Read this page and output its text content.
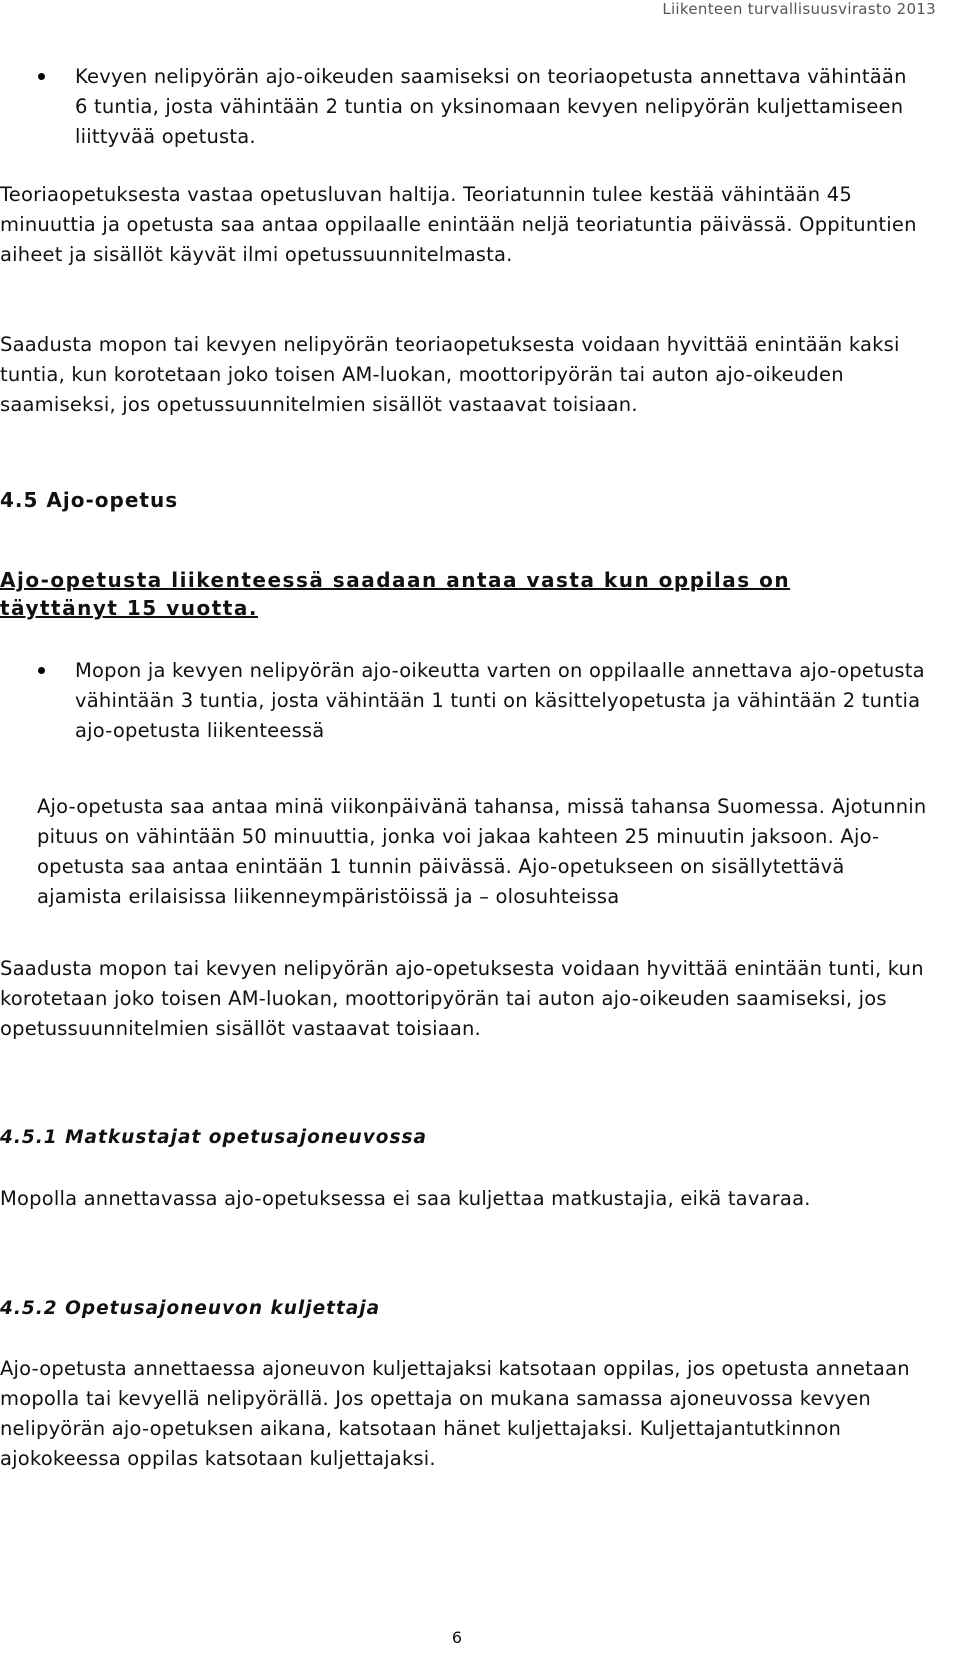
Liikenteen turvallisuusvirasto 2013
Kevyen nelipyörän ajo-oikeuden saamiseksi on teoriaopetusta annettava vähintään 6 tuntia, josta vähintään 2 tuntia on yksinomaan kevyen nelipyörän kuljettamiseen liittyvää opetusta.

Teoriaopetuksesta vastaa opetusluvan haltija. Teoriatunnin tulee kestää vähintään 45 minuuttia ja opetusta saa antaa oppilaalle enintään neljä teoriatuntia päivässä. Oppituntien aiheet ja sisällöt käyvät ilmi opetussuunnitelmasta.

Saadusta mopon tai kevyen nelipyörän teoriaopetuksesta voidaan hyvittää enintään kaksi tuntia, kun korotetaan joko toisen AM-luokan, moottoripyörän tai auton ajo-oikeuden saamiseksi, jos opetussuunnitelmien sisällöt vastaavat toisiaan.

4.5 Ajo-opetus
Ajo-opetusta liikenteessä saadaan antaa vasta kun oppilas on täyttänyt 15 vuotta.
Mopon ja kevyen nelipyörän ajo-oikeutta varten on oppilaalle annettava ajo-opetusta vähintään 3 tuntia, josta vähintään 1 tunti on käsittelyopetusta ja vähintään 2 tuntia ajo-opetusta liikenteessä

Ajo-opetusta saa antaa minä viikonpäivänä tahansa, missä tahansa Suomessa. Ajotunnin pituus on vähintään 50 minuuttia, jonka voi jakaa kahteen 25 minuutin jaksoon. Ajo-opetusta saa antaa enintään 1 tunnin päivässä. Ajo-opetukseen on sisällytettävä ajamista erilaisissa liikenneympäristöissä ja – olosuhteissa

Saadusta mopon tai kevyen nelipyörän ajo-opetuksesta voidaan hyvittää enintään tunti, kun korotetaan joko toisen AM-luokan, moottoripyörän tai auton ajo-oikeuden saamiseksi, jos opetussuunnitelmien sisällöt vastaavat toisiaan.

4.5.1 Matkustajat opetusajoneuvossa

Mopolla annettavassa ajo-opetuksessa ei saa kuljettaa matkustajia, eikä tavaraa.

4.5.2 Opetusajoneuvon kuljettaja

Ajo-opetusta annettaessa ajoneuvon kuljettajaksi katsotaan oppilas, jos opetusta annetaan mopolla tai kevyellä nelipyörällä. Jos opettaja on mukana samassa ajoneuvossa kevyen nelipyörän ajo-opetuksen aikana, katsotaan hänet kuljettajaksi. Kuljettajantutkinnon ajokokeessa oppilas katsotaan kuljettajaksi.

6
